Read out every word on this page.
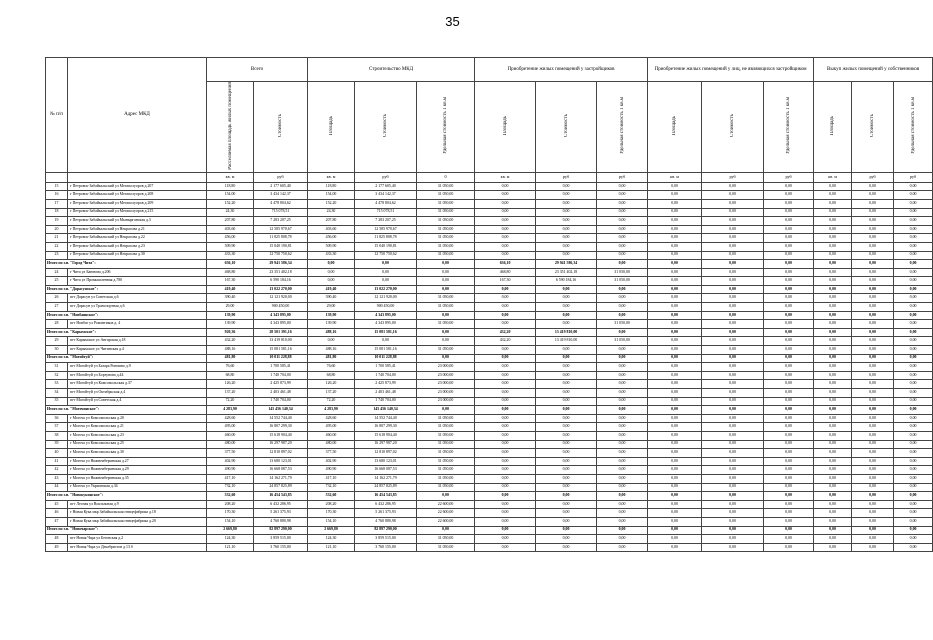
35
№ п/п	Адрес МКД	Всего		Строительство МКД			Приобретение жилых помещений у застройщиков			Приобретение жилых помещений у лиц, не являющихся застройщиком			Выкуп жилых помещений у собственников		
		Расселяемая площадь жилых помещений	Стоимость	Площадь	Стоимость	Удельная стоимость 1 кв.м	Площадь	Стоимость	Удельная стоимость 1 кв.м	Площадь	Стоимость	Удельная стоимость 1 кв.м	Площадь	Стоимость	Удельная стоимость 1 кв.м
		кв. м	руб	кв. м	руб	0	кв. м	руб	руб	кв. м	руб	руб	кв. м	руб	руб
15	г Петровск-Забайкальский ул Мегаполуоров д.207	118,80	2 177 605,40	118,80	2 177 605,40	31 050,00	0,00	0,00	0,00	0,00	0,00	0,00	0,00	0,00	0,00
16	г Петровск-Забайкальский ул Мегаполуоров д.208	154,00	3 434 142,37	154,00	3 434 142,37	31 050,00	0,00	0,00	0,00	0,00	0,00	0,00	0,00	0,00	0,00
17	г Петровск-Забайкальский ул Мегаполуоров д.209	152,20	4 478 804,62	152,20	4 478 804,62	31 050,00	0,00	0,00	0,00	0,00	0,00	0,00	0,00	0,00	0,00
18	г Петровск-Забайкальский ул Мегаполуоров д.215	24,30	715 078,51	24,30	715 078,51	31 050,00	0,00	0,00	0,00	0,00	0,00	0,00	0,00	0,00	0,00
19	г Петровск-Забайкальский ул Мынырганская д.3	207,80	7 283 207,25	207,80	7 283 207,25	31 050,00	0,00	0,00	0,00	0,00	0,00	0,00	0,00	0,00	0,00
20	г Петровск-Забайкальский ул Некрасова д.21	403,60	12 585 970,67	403,60	12 585 970,67	31 050,00	0,00	0,00	0,00	0,00	0,00	0,00	0,00	0,00	0,00
21	г Петровск-Забайкальский ул Некрасова д.22	456,00	11 825 808,78	456,00	11 825 808,78	31 050,00	0,00	0,00	0,00	0,00	0,00	0,00	0,00	0,00	0,00
22	г Петровск-Забайкальский ул Некрасова д.23	509,90	15 040 190,81	509,90	15 040 190,81	31 050,00	0,00	0,00	0,00	0,00	0,00	0,00	0,00	0,00	0,00
23	г Петровск-Забайкальский ул Некрасова д.30	433,30	12 750 750,62	433,30	12 750 750,62	31 050,00	0,00	0,00	0,00	0,00	0,00	0,00	0,00	0,00	0,00
Итого по г.п. "Город Чита":		636,10	29 941 586,34	0,00	0,00	0,00	636,10	29 941 586,34	0,00	0,00	0,00	0,00	0,00	0,00	0,00
24	г Чита ул Баюнова д.206	468,80	23 351 402,18	0,00	0,00	0,00	468,80	23 351 402,18	31 050,00	0,00	0,00	0,00	0,00	0,00	0,00
25	г Чита ул Промышленная д.780	167,30	6 590 184,16	0,00	0,00	0,00	167,30	6 590 184,16	31 050,00	0,00	0,00	0,00	0,00	0,00	0,00
Итого по г.п. "Дарасунское":		419,40	13 022 270,00	419,40	13 022 270,00	0,00	0,00	0,00	0,00	0,00	0,00	0,00	0,00	0,00	0,00
26	пгт Дарасун ул Советская д.6	390,40	12 121 920,00	390,40	12 121 920,00	31 050,00	0,00	0,00	0,00	0,00	0,00	0,00	0,00	0,00	0,00
27	пгт Дарасун ул Транспортная д.6	29,00	900 450,00	29,00	900 450,00	31 050,00	0,00	0,00	0,00	0,00	0,00	0,00	0,00	0,00	0,00
Итого по г.п. "Новбаянское":		139,90	4 343 895,00	139,90	4 343 895,00	0,00	0,00	0,00	0,00	0,00	0,00	0,00	0,00	0,00	0,00
28	пгт Новбаг ул Романтиков д. 4	139,90	4 343 895,00	139,90	4 343 895,00	31 050,00	0,00	0,00	31 050,00	0,00	0,00	0,00	0,00	0,00	0,00
Итого по г.п. "Карымское":		920,36	28 501 391,16	488,16	15 081 581,16	0,00	432,20	13 419 810,00	0,00	0,00	0,00	0,00	0,00	0,00	0,00
29	пгт Карымское ул Ангарская д.18	432,20	13 419 810,00	0,00	0,00	0,00	432,20	13 419 810,00	31 050,00	0,00	0,00	0,00	0,00	0,00	0,00
30	пгт Карымское ул Читинская д.4	488,16	15 081 581,16	488,16	15 081 581,16	31 050,00	0,00	0,00	0,00	0,00	0,00	0,00	0,00	0,00	0,00
Итого по г.п. "Могойтуй":		481,80	10 011 228,88	481,80	10 011 228,88	0,00	0,00	0,00	0,00	0,00	0,00	0,00	0,00	0,00	0,00
31	пгт Могойтуй ул Базара Ринчино д.9	76,60	1 700 585,41	76,60	1 700 585,41	23 000,00	0,00	0,00	0,00	0,00	0,00	0,00	0,00	0,00	0,00
32	пгт Могойтуй ул Борзунова д.44	68,80	1 740 704,00	68,80	1 740 704,00	23 000,00	0,00	0,00	0,00	0,00	0,00	0,00	0,00	0,00	0,00
33	пгт Могойтуй ул Комсомольская д.37	126,20	2 425 873,99	126,20	2 425 873,99	23 000,00	0,00	0,00	0,00	0,00	0,00	0,00	0,00	0,00	0,00
34	пгт Могойтуй ул Октябрьская д.4	137,20	2 403 461,48	137,20	2 403 461,48	23 000,00	0,00	0,00	0,00	0,00	0,00	0,00	0,00	0,00	0,00
35	пгт Могойтуй ул Советская д.4	72,20	1 740 704,00	72,20	1 740 704,00	23 000,00	0,00	0,00	0,00	0,00	0,00	0,00	0,00	0,00	0,00
Итого по г.п. "Могочинское":		4 283,90	145 456 140,34	4 283,90	145 456 140,34	0,00	0,00	0,00	0,00	0,00	0,00	0,00	0,00	0,00	0,00
36	г Могоча ул Комсомольская д.20	428,60	14 552 744,40	428,60	14 552 744,40	31 050,00	0,00	0,00	0,00	0,00	0,00	0,00	0,00	0,00	0,00
37	г Могоча ул Комсомольская д.21	495,00	16 807 299,30	495,00	16 807 299,30	31 050,00	0,00	0,00	0,00	0,00	0,00	0,00	0,00	0,00	0,00
38	г Могоча ул Комсомольская д.23	460,00	15 618 904,40	460,00	15 618 904,40	31 050,00	0,00	0,00	0,00	0,00	0,00	0,00	0,00	0,00	0,00
39	г Могоча ул Комсомольская д.25	480,00	16 297 987,20	480,00	16 297 987,20	31 050,00	0,00	0,00	0,00	0,00	0,00	0,00	0,00	0,00	0,00
40	г Могоча ул Комсомольская д.30	377,50	12 810 897,02	377,50	12 810 897,02	31 050,00	0,00	0,00	0,00	0,00	0,00	0,00	0,00	0,00	0,00
41	г Могоча ул Нижнеиберинская д.27	402,90	13 680 123,01	402,90	13 680 123,01	31 050,00	0,00	0,00	0,00	0,00	0,00	0,00	0,00	0,00	0,00
42	г Могоча ул Нижнеиберинская д.29	490,90	16 668 087,53	490,90	16 668 087,53	31 050,00	0,00	0,00	0,00	0,00	0,00	0,00	0,00	0,00	0,00
43	г Могоча ул Нижнеиберинская д.35	417,10	14 162 271,79	417,10	14 162 271,79	31 050,00	0,00	0,00	0,00	0,00	0,00	0,00	0,00	0,00	0,00
44	г Могоча ул Украинская д.34	732,10	24 857 825,89	732,10	24 857 825,89	31 050,00	0,00	0,00	0,00	0,00	0,00	0,00	0,00	0,00	0,00
Итого по г.п. "Новокукинское":		532,60	16 454 543,85	532,60	16 454 543,85	0,00	0,00	0,00	0,00	0,00	0,00	0,00	0,00	0,00	0,00
45	пгт Лесная ул Вокзальная д.9	208,20	6 432 286,95	208,20	6 432 286,95	22 600,00	0,00	0,00	0,00	0,00	0,00	0,00	0,00	0,00	0,00
46	г Новая Кука мкр Забайкальская птицефабрика д.18	170,30	5 261 375,93	170,30	5 261 375,93	22 600,00	0,00	0,00	0,00	0,00	0,00	0,00	0,00	0,00	0,00
47	г Новая Кука мкр Забайкальская птицефабрика д.20	154,10	4 760 880,98	154,10	4 760 880,98	22 600,00	0,00	0,00	0,00	0,00	0,00	0,00	0,00	0,00	0,00
Итого по г.п. "Новочарское":		2 669,80	82 897 290,00	2 669,80	82 897 290,00	0,00	0,00	0,00	0,00	0,00	0,00	0,00	0,00	0,00	0,00
48	пгт Новая Чара ул Беговская д.2	124,30	3 859 515,00	124,30	3 859 515,00	31 050,00	0,00	0,00	0,00	0,00	0,00	0,00	0,00	0,00	0,00
49	пгт Новая Чара ул Декабристов д.13 б	121,10	3 760 155,00	121,10	3 760 155,00	31 050,00	0,00	0,00	0,00	0,00	0,00	0,00	0,00	0,00	0,00
